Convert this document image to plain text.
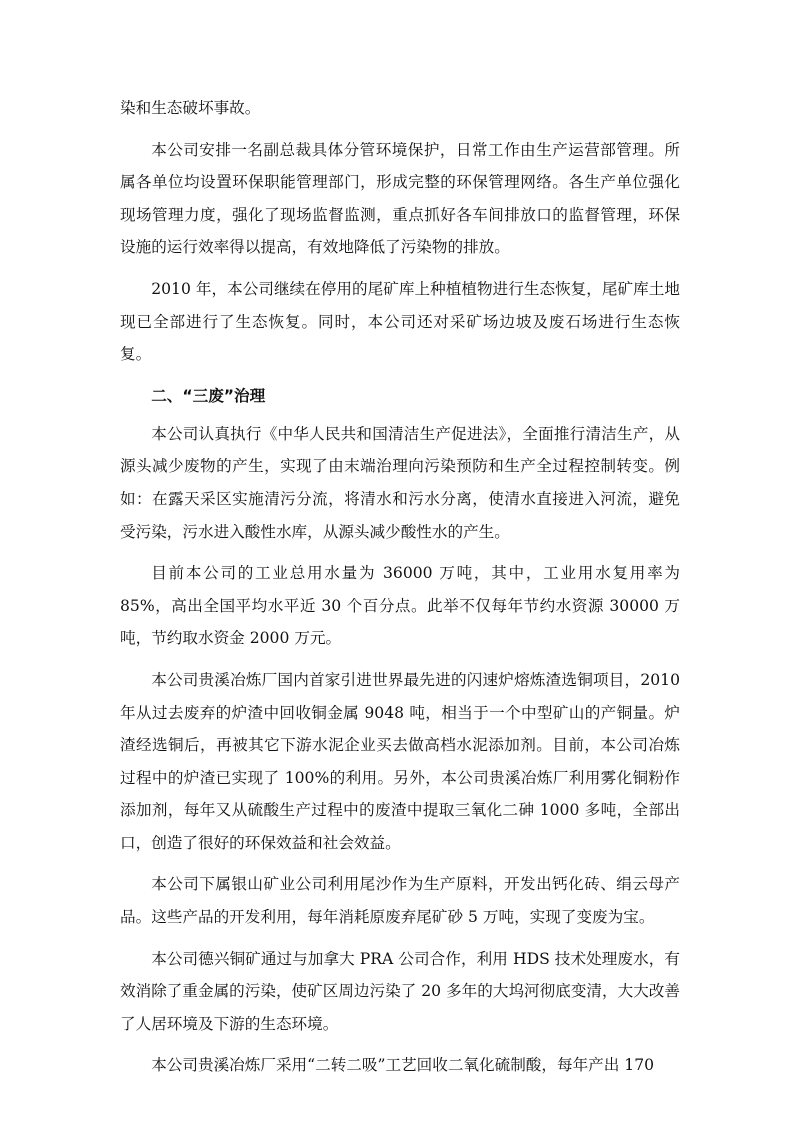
染和生态破坏事故。

本公司安排一名副总裁具体分管环境保护，日常工作由生产运营部管理。所属各单位均设置环保职能管理部门，形成完整的环保管理网络。各生产单位强化现场管理力度，强化了现场监督监测，重点抓好各车间排放口的监督管理，环保设施的运行效率得以提高，有效地降低了污染物的排放。

2010 年，本公司继续在停用的尾矿库上种植植物进行生态恢复，尾矿库土地现已全部进行了生态恢复。同时，本公司还对采矿场边坡及废石场进行生态恢复。

二、“三废”治理

本公司认真执行《中华人民共和国清洁生产促进法》，全面推行清洁生产，从源头减少废物的产生，实现了由末端治理向污染预防和生产全过程控制转变。例如：在露天采区实施清污分流，将清水和污水分离，使清水直接进入河流，避免受污染，污水进入酸性水库，从源头减少酸性水的产生。

目前本公司的工业总用水量为 36000 万吨，其中，工业用水复用率为 85%，高出全国平均水平近 30 个百分点。此举不仅每年节约水资源 30000 万吨，节约取水资金 2000 万元。

本公司贵溪冶炼厂国内首家引进世界最先进的闪速炉熔炼渣选铜项目，2010 年从过去废弃的炉渣中回收铜金属 9048 吨，相当于一个中型矿山的产铜量。炉渣经选铜后，再被其它下游水泥企业买去做高档水泥添加剂。目前，本公司冶炼过程中的炉渣已实现了 100%的利用。另外，本公司贵溪冶炼厂利用雾化铜粉作添加剂，每年又从硫酸生产过程中的废渣中提取三氧化二砷 1000 多吨，全部出口，创造了很好的环保效益和社会效益。

本公司下属银山矿业公司利用尾沙作为生产原料，开发出钙化砖、绢云母产品。这些产品的开发利用，每年消耗原废弃尾矿砂 5 万吨，实现了变废为宝。

本公司德兴铜矿通过与加拿大 PRA 公司合作，利用 HDS 技术处理废水，有效消除了重金属的污染，使矿区周边污染了 20 多年的大坞河彻底变清，大大改善了人居环境及下游的生态环境。

本公司贵溪冶炼厂采用“二转二吸”工艺回收二氧化硫制酸，每年产出 170
